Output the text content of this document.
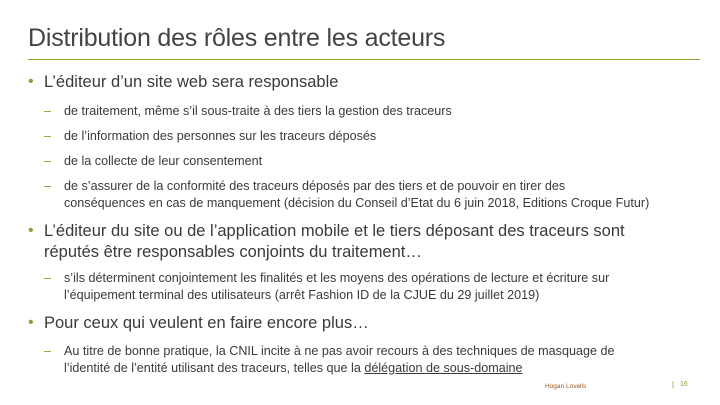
Distribution des rôles entre les acteurs
• L’éditeur d’un site web sera responsable
– de traitement, même s’il sous-traite à des tiers la gestion des traceurs
– de l’information des personnes sur les traceurs déposés
– de la collecte de leur consentement
– de s’assurer de la conformité des traceurs déposés par des tiers et de pouvoir en tirer des
conséquences en cas de manquement (décision du Conseil d’Etat du 6 juin 2018, Editions Croque Futur)
• L’éditeur du site ou de l’application mobile et le tiers déposant des traceurs sont
réputés être responsables conjoints du traitement…
– s’ils déterminent conjointement les finalités et les moyens des opérations de lecture et écriture sur
l’équipement terminal des utilisateurs (arrêt Fashion ID de la CJUE du 29 juillet 2019)
• Pour ceux qui veulent en faire encore plus…
– Au titre de bonne pratique, la CNIL incite à ne pas avoir recours à des techniques de masquage de
l’identité de l’entité utilisant des traceurs, telles que la délégation de sous-domaine
Hogan Lovells	| 16
